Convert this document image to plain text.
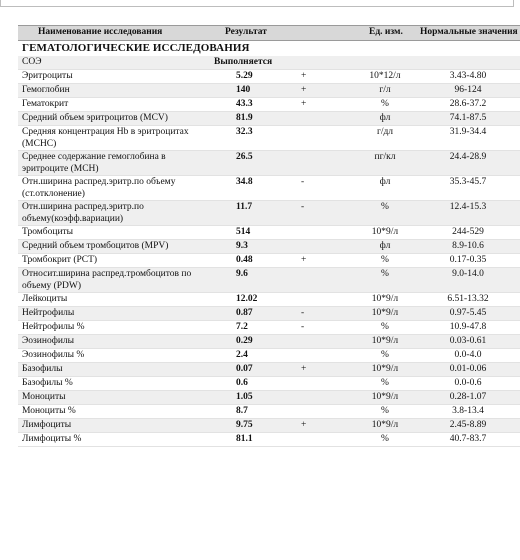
Наименование исследования	Результат	Ед. изм. Нормальные значения
ГЕМАТОЛОГИЧЕСКИЕ ИССЛЕДОВАНИЯ
СОЭ	Выполняется
Эритроциты	5.29	+	10*12/л	3.43-4.80
Гемоглобин	140	+	г/л	96-124
Гематокрит	43.3	+	%	28.6-37.2
Средний объем эритроцитов (MCV)	81.9	фл	74.1-87.5
Средняя концентрация Hb в эритроцитах (MCHC)
32.3	г/дл	31.9-34.4
Среднее содержание гемоглобина в эритроците (MCH)
26.5	пг/кл	24.4-28.9
Отн.ширина распред.эритр.по объему (ст.отклонение)
34.8	-	фл	35.3-45.7
Отн.ширина распред.эритр.по объему(коэфф.вариации)
11.7	-	%	12.4-15.3
Тромбоциты	514	10*9/л	244-529
Средний объем тромбоцитов (MPV)	9.3	фл	8.9-10.6
Тромбокрит (PCT)	0.48	+	%	0.17-0.35
Относит.ширина распред.тромбоцитов по объему (PDW)
9.6	%	9.0-14.0
Лейкоциты	12.02	10*9/л	6.51-13.32
Нейтрофилы	0.87	-	10*9/л	0.97-5.45
Нейтрофилы %	7.2	-	%	10.9-47.8
Эозинофилы	0.29	10*9/л	0.03-0.61
Эозинофилы %	2.4	%	0.0-4.0
Базофилы	0.07	+	10*9/л	0.01-0.06
Базофилы %	0.6	%	0.0-0.6
Моноциты	1.05	10*9/л	0.28-1.07
Моноциты %	8.7	%	3.8-13.4
Лимфоциты	9.75	+	10*9/л	2.45-8.89
Лимфоциты %	81.1	%	40.7-83.7
